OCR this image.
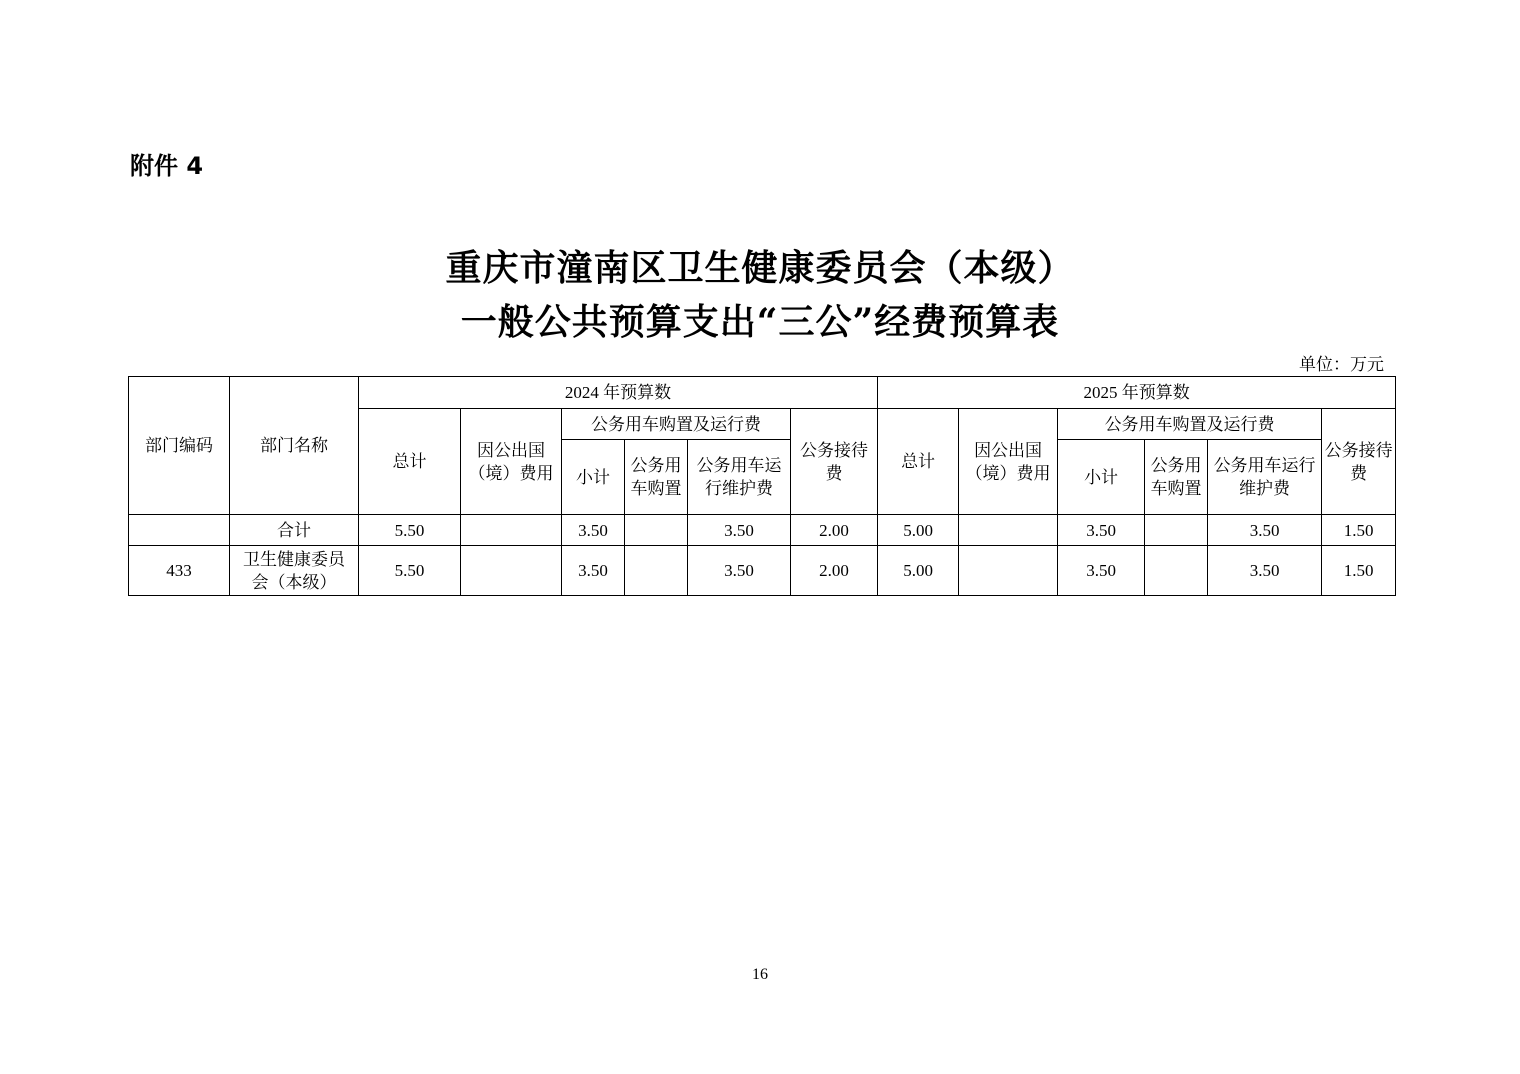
附件 4
重庆市潼南区卫生健康委员会（本级）
一般公共预算支出“三公”经费预算表
单位：万元
部门编码	部门名称	2024 年预算数						2025 年预算数					
		总计	因公出国（境）费用	公务用车购置及运行费			公务接待费	总计	因公出国（境）费用	公务用车购置及运行费			公务接待费
				小计	公务用车购置	公务用车运行维护费				小计	公务用车购置	公务用车运行维护费	
	合计	5.50		3.50		3.50	2.00	5.00		3.50		3.50	1.50
433	卫生健康委员会（本级）	5.50		3.50		3.50	2.00	5.00		3.50		3.50	1.50
16
